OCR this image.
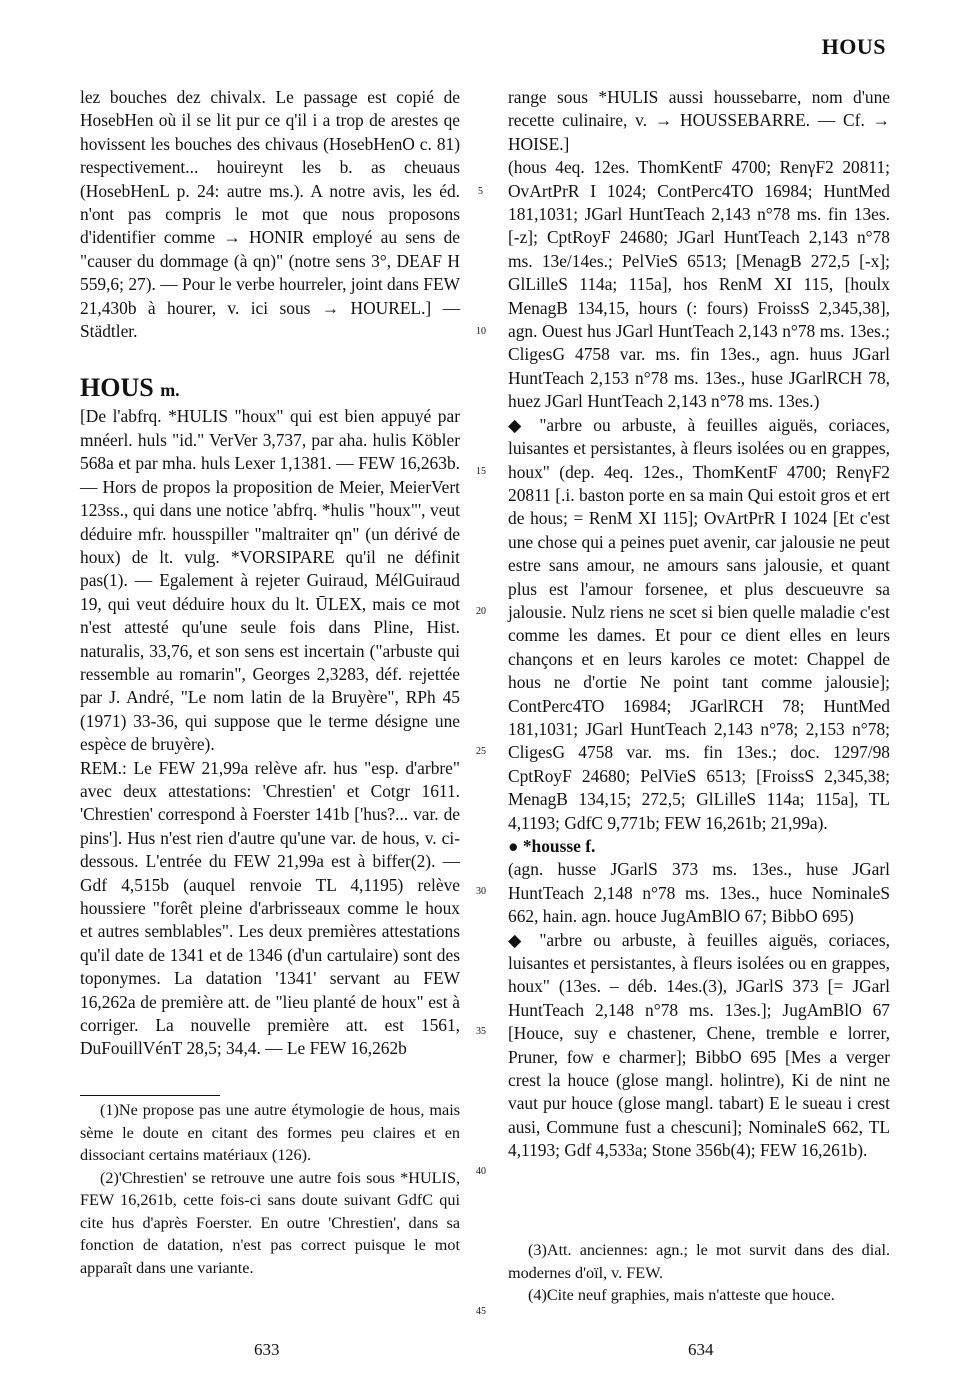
HOUS

lez bouches dez chivalx. Le passage est copié de HosebHen où il se lit pur ce q'il i a trop de arestes qe hovissent les bouches des chivaus (HosebHenO c. 81) respectivement... houireynt les b. as cheuaus (HosebHenL p. 24: autre ms.). A notre avis, les éd. n'ont pas compris le mot que nous proposons d'identifier comme → HONIR employé au sens de "causer du dommage (à qn)" (notre sens 3°, DEAF H 559,6; 27). — Pour le verbe hourreler, joint dans FEW 21,430b à hourer, v. ici sous → HOUREL.] — Städtler.

HOUS m.

[De l'abfrq. *HULIS "houx" qui est bien appuyé par mnéerl. huls "id." VerVer 3,737, par aha. hulis Köbler 568a et par mha. huls Lexer 1,1381. — FEW 16,263b. — Hors de propos la proposition de Meier, MeierVert 123ss., qui dans une notice 'abfrq. *hulis "houx"', veut déduire mfr. housspiller "maltraiter qn" (un dérivé de houx) de lt. vulg. *VORSIPARE qu'il ne définit pas(1). — Egalement à rejeter Guiraud, MélGuiraud 19, qui veut déduire houx du lt. ŪLEX, mais ce mot n'est attesté qu'une seule fois dans Pline, Hist. naturalis, 33,76, et son sens est incertain ("arbuste qui ressemble au romarin", Georges 2,3283, déf. rejettée par J. André, "Le nom latin de la Bruyère", RPh 45 (1971) 33-36, qui suppose que le terme désigne une espèce de bruyère).

REM.: Le FEW 21,99a relève afr. hus "esp. d'arbre" avec deux attestations: 'Chrestien' et Cotgr 1611. 'Chrestien' correspond à Foerster 141b ['hus?... var. de pins']. Hus n'est rien d'autre qu'une var. de hous, v. ci-dessous. L'entrée du FEW 21,99a est à biffer(2). — Gdf 4,515b (auquel renvoie TL 4,1195) relève houssiere "forêt pleine d'arbrisseaux comme le houx et autres semblables". Les deux premières attestations qu'il date de 1341 et de 1346 (d'un cartulaire) sont des toponymes. La datation '1341' servant au FEW 16,262a de première att. de "lieu planté de houx" est à corriger. La nouvelle première att. est 1561, DuFouillVénT 28,5; 34,4. — Le FEW 16,262b

(1)Ne propose pas une autre étymologie de hous, mais sème le doute en citant des formes peu claires et en dissociant certains matériaux (126).

(2)'Chrestien' se retrouve une autre fois sous *HULIS, FEW 16,261b, cette fois-ci sans doute suivant GdfC qui cite hus d'après Foerster. En outre 'Chrestien', dans sa fonction de datation, n'est pas correct puisque le mot apparaît dans une variante.

5
10
15
20
25
30
35
40
45

range sous *HULIS aussi houssebarre, nom d'une recette culinaire, v. → HOUSSEBARRE. — Cf. → HOISE.]

(hous 4eq. 12es. ThomKentF 4700; RenγF2 20811; OvArtPrR I 1024; ContPerc4TO 16984; HuntMed 181,1031; JGarl HuntTeach 2,143 n°78 ms. fin 13es. [-z]; CptRoyF 24680; JGarl HuntTeach 2,143 n°78 ms. 13e/14es.; PelVieS 6513; [MenagB 272,5 [-x]; GlLilleS 114a; 115a], hos RenM XI 115, [houlx MenagB 134,15, hours (: fours) FroissS 2,345,38], agn. Ouest hus JGarl HuntTeach 2,143 n°78 ms. 13es.; CligesG 4758 var. ms. fin 13es., agn. huus JGarl HuntTeach 2,153 n°78 ms. 13es., huse JGarlRCH 78, huez JGarl HuntTeach 2,143 n°78 ms. 13es.)

◆ "arbre ou arbuste, à feuilles aiguës, coriaces, luisantes et persistantes, à fleurs isolées ou en grappes, houx" (dep. 4eq. 12es., ThomKentF 4700; RenγF2 20811 [.i. baston porte en sa main Qui estoit gros et ert de hous; = RenM XI 115]; OvArtPrR I 1024 [Et c'est une chose qui a peines puet avenir, car jalousie ne peut estre sans amour, ne amours sans jalousie, et quant plus est l'amour forsenee, et plus descueuvre sa jalousie. Nulz riens ne scet si bien quelle maladie c'est comme les dames. Et pour ce dient elles en leurs chançons et en leurs karoles ce motet: Chappel de hous ne d'ortie Ne point tant comme jalousie]; ContPerc4TO 16984; JGarlRCH 78; HuntMed 181,1031; JGarl HuntTeach 2,143 n°78; 2,153 n°78; CligesG 4758 var. ms. fin 13es.; doc. 1297/98 CptRoyF 24680; PelVieS 6513; [FroissS 2,345,38; MenagB 134,15; 272,5; GlLilleS 114a; 115a], TL 4,1193; GdfC 9,771b; FEW 16,261b; 21,99a).

● *housse f.

(agn. husse JGarlS 373 ms. 13es., huse JGarl HuntTeach 2,148 n°78 ms. 13es., huce NominaleS 662, hain. agn. houce JugAmBlO 67; BibbO 695)

◆ "arbre ou arbuste, à feuilles aiguës, coriaces, luisantes et persistantes, à fleurs isolées ou en grappes, houx" (13es. – déb. 14es.(3), JGarlS 373 [= JGarl HuntTeach 2,148 n°78 ms. 13es.]; JugAmBlO 67 [Houce, suy e chastener, Chene, tremble e lorrer, Pruner, fow e charmer]; BibbO 695 [Mes a verger crest la houce (glose mangl. holintre), Ki de nint ne vaut pur houce (glose mangl. tabart) E le sueau i crest ausi, Commune fust a chescuni]; NominaleS 662, TL 4,1193; Gdf 4,533a; Stone 356b(4); FEW 16,261b).

(3)Att. anciennes: agn.; le mot survit dans des dial. modernes d'oïl, v. FEW.

(4)Cite neuf graphies, mais n'atteste que houce.

633	634
